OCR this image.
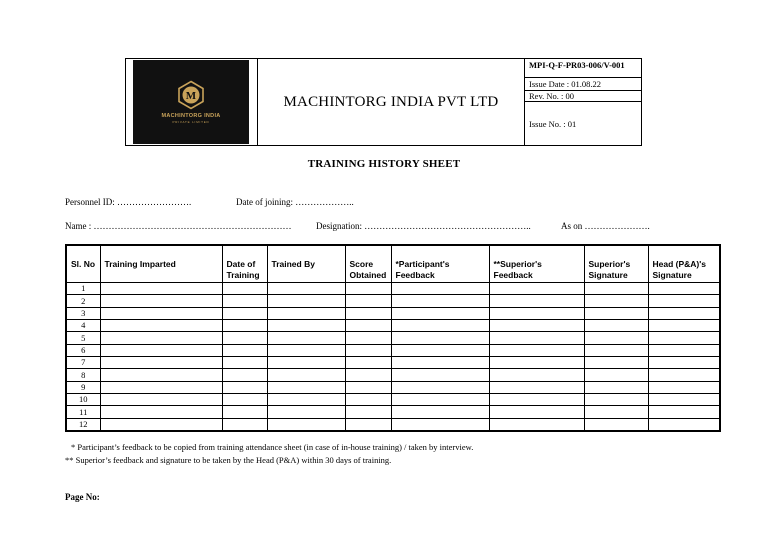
M
MACHINTORG INDIA
PRIVATE LIMITED
MACHINTORG INDIA PVT LTD
MPI-Q-F-PR03-006/V-001
Issue Date : 01.08.22
Rev. No. : 00
Issue No. : 01
TRAINING HISTORY SHEET
Personnel ID: …………………….	Date of joining: ………………..
Name : …………………………………………………………	Designation: ………………………………………………..	As on ………………….
Sl. No	Training Imparted	Date of Training	Trained By	Score Obtained	*Participant's Feedback	**Superior's Feedback	Superior's Signature	Head (P&A)'s Signature
1								
2								
3								
4								
5								
6								
7								
8								
9								
10								
11								
12								
* Participant’s feedback to be copied from training attendance sheet (in case of in-house training) / taken by interview.
** Superior’s feedback and signature to be taken by the Head (P&A) within 30 days of training.
Page No:
